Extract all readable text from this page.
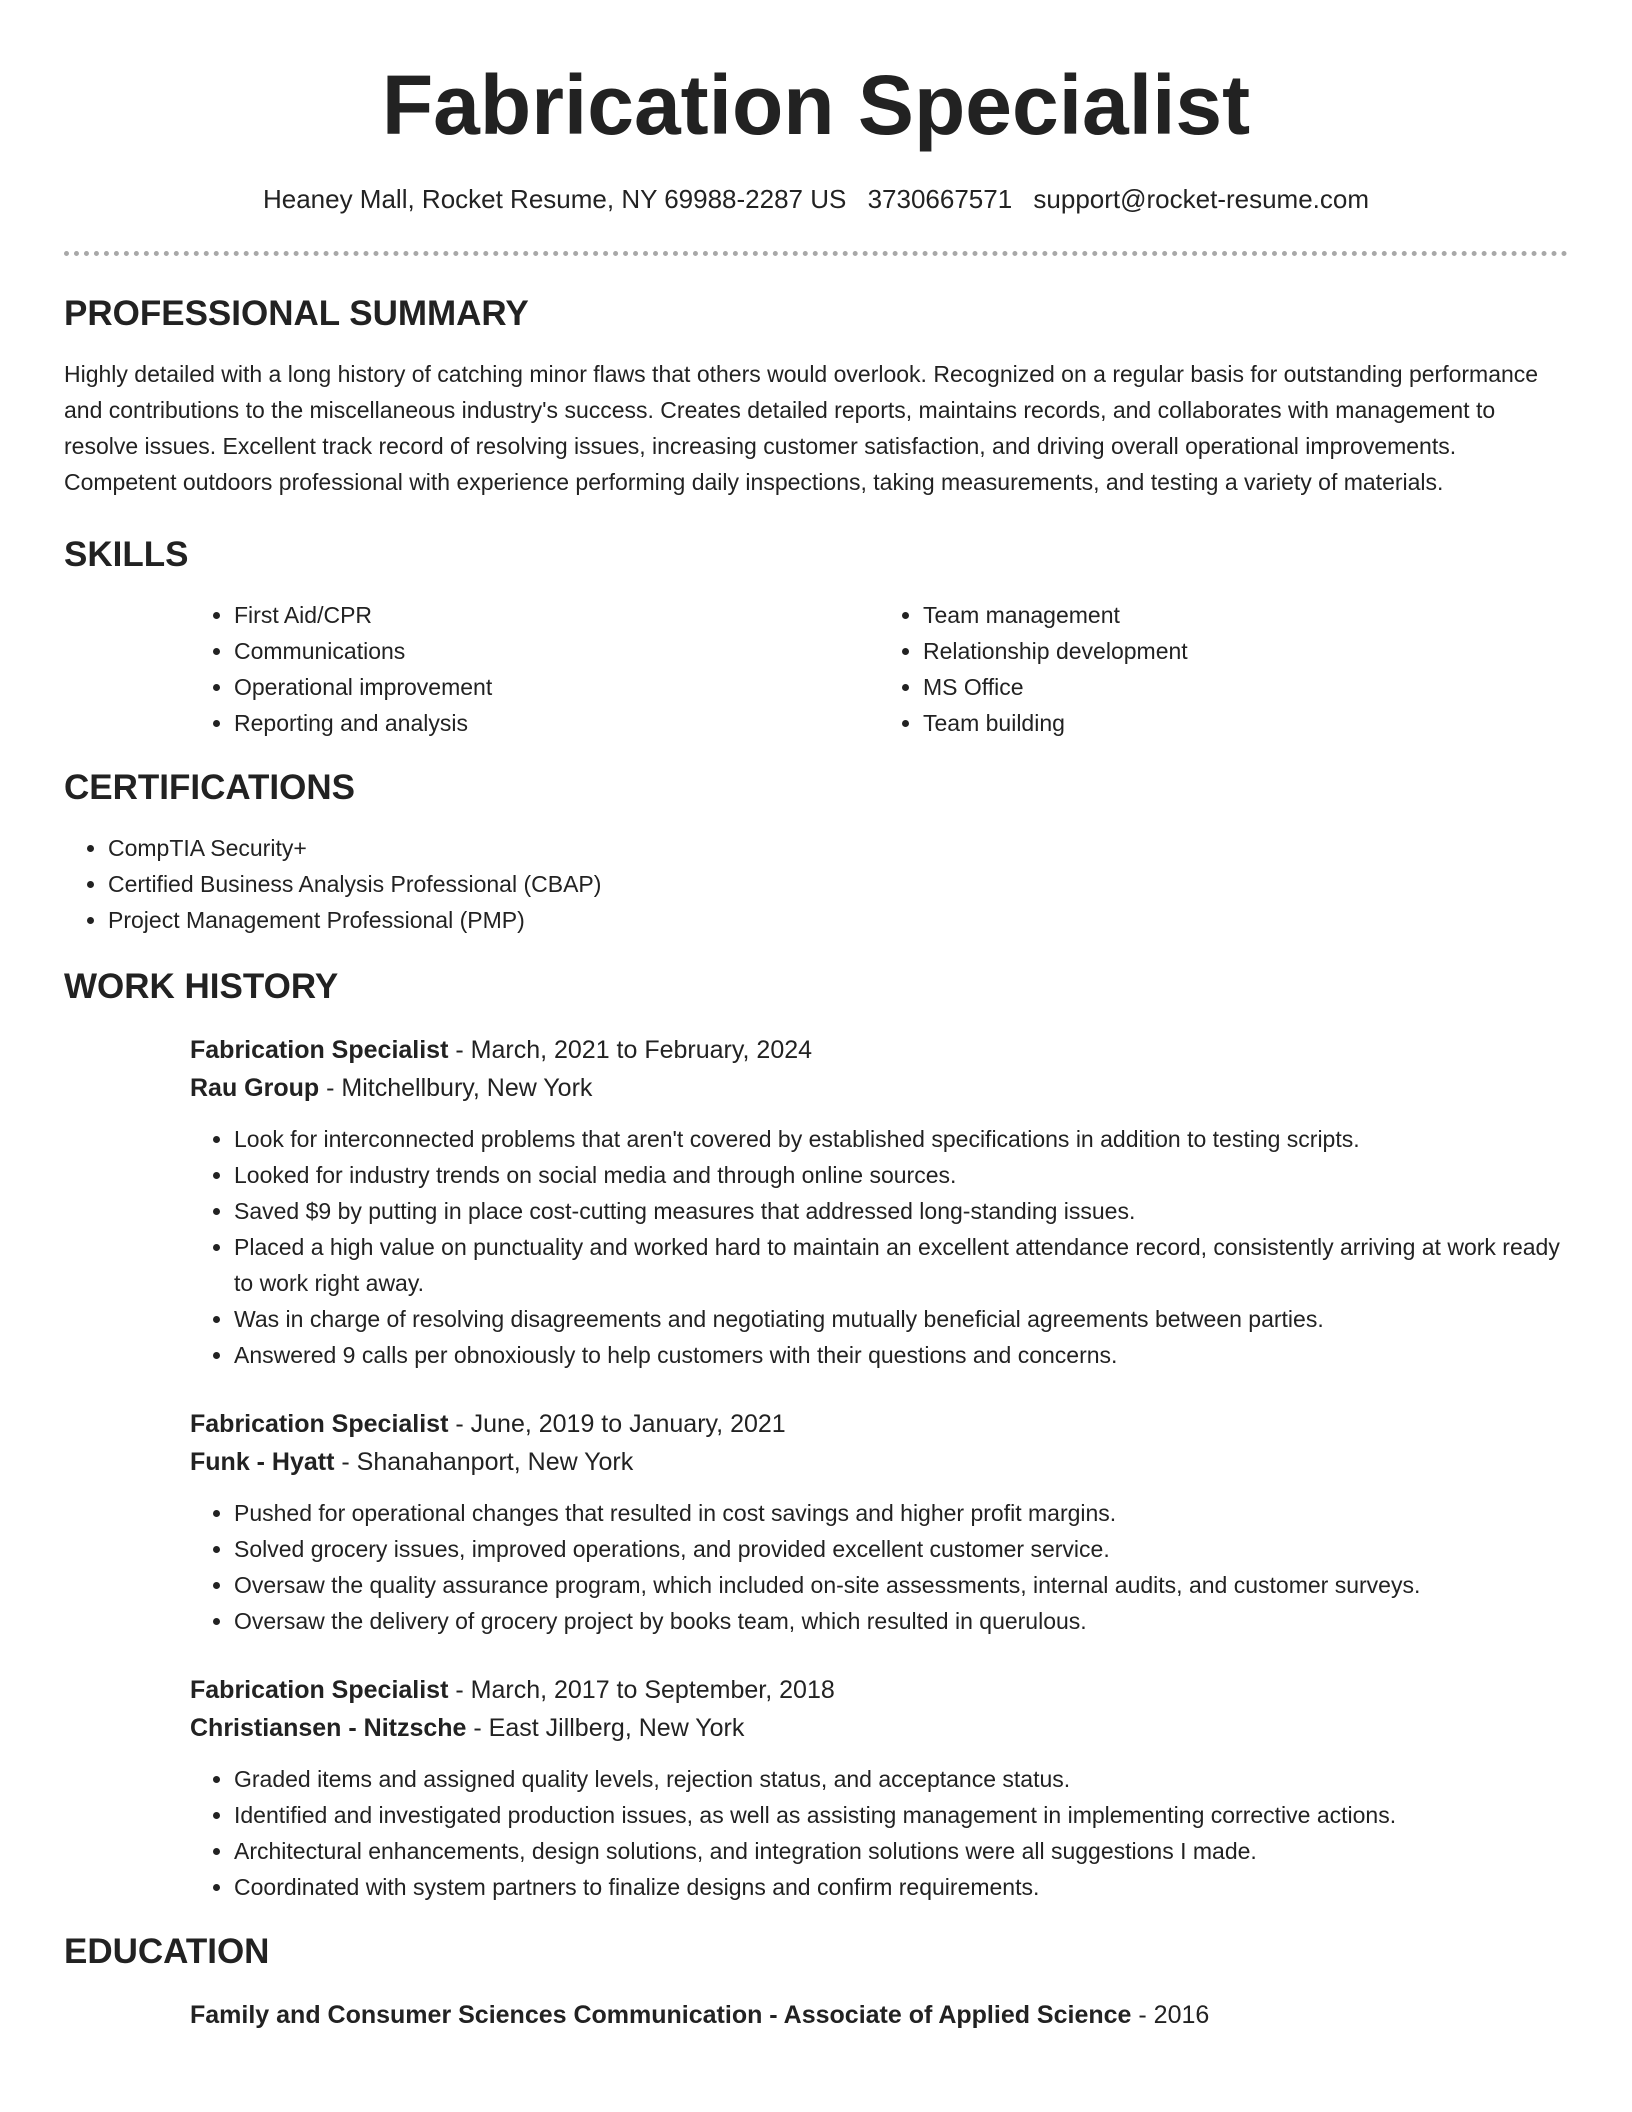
Fabrication Specialist
Heaney Mall, Rocket Resume, NY 69988-2287 US 3730667571 support@rocket-resume.com
PROFESSIONAL SUMMARY

Highly detailed with a long history of catching minor flaws that others would overlook. Recognized on a regular basis for outstanding performance and contributions to the miscellaneous industry's success. Creates detailed reports, maintains records, and collaborates with management to resolve issues. Excellent track record of resolving issues, increasing customer satisfaction, and driving overall operational improvements. Competent outdoors professional with experience performing daily inspections, taking measurements, and testing a variety of materials.

SKILLS
• First Aid/CPR
• Communications
• Operational improvement
• Reporting and analysis
• Team management
• Relationship development
• MS Office
• Team building
CERTIFICATIONS
• CompTIA Security+
• Certified Business Analysis Professional (CBAP)
• Project Management Professional (PMP)
WORK HISTORY
Fabrication Specialist - March, 2021 to February, 2024
Rau Group - Mitchellbury, New York
• Look for interconnected problems that aren't covered by established specifications in addition to testing scripts.
• Looked for industry trends on social media and through online sources.
• Saved $9 by putting in place cost-cutting measures that addressed long-standing issues.
• Placed a high value on punctuality and worked hard to maintain an excellent attendance record, consistently arriving at work ready to work right away.
• Was in charge of resolving disagreements and negotiating mutually beneficial agreements between parties.
• Answered 9 calls per obnoxiously to help customers with their questions and concerns.
Fabrication Specialist - June, 2019 to January, 2021
Funk - Hyatt - Shanahanport, New York
• Pushed for operational changes that resulted in cost savings and higher profit margins.
• Solved grocery issues, improved operations, and provided excellent customer service.
• Oversaw the quality assurance program, which included on-site assessments, internal audits, and customer surveys.
• Oversaw the delivery of grocery project by books team, which resulted in querulous.
Fabrication Specialist - March, 2017 to September, 2018
Christiansen - Nitzsche - East Jillberg, New York
• Graded items and assigned quality levels, rejection status, and acceptance status.
• Identified and investigated production issues, as well as assisting management in implementing corrective actions.
• Architectural enhancements, design solutions, and integration solutions were all suggestions I made.
• Coordinated with system partners to finalize designs and confirm requirements.
EDUCATION
Family and Consumer Sciences Communication - Associate of Applied Science - 2016
